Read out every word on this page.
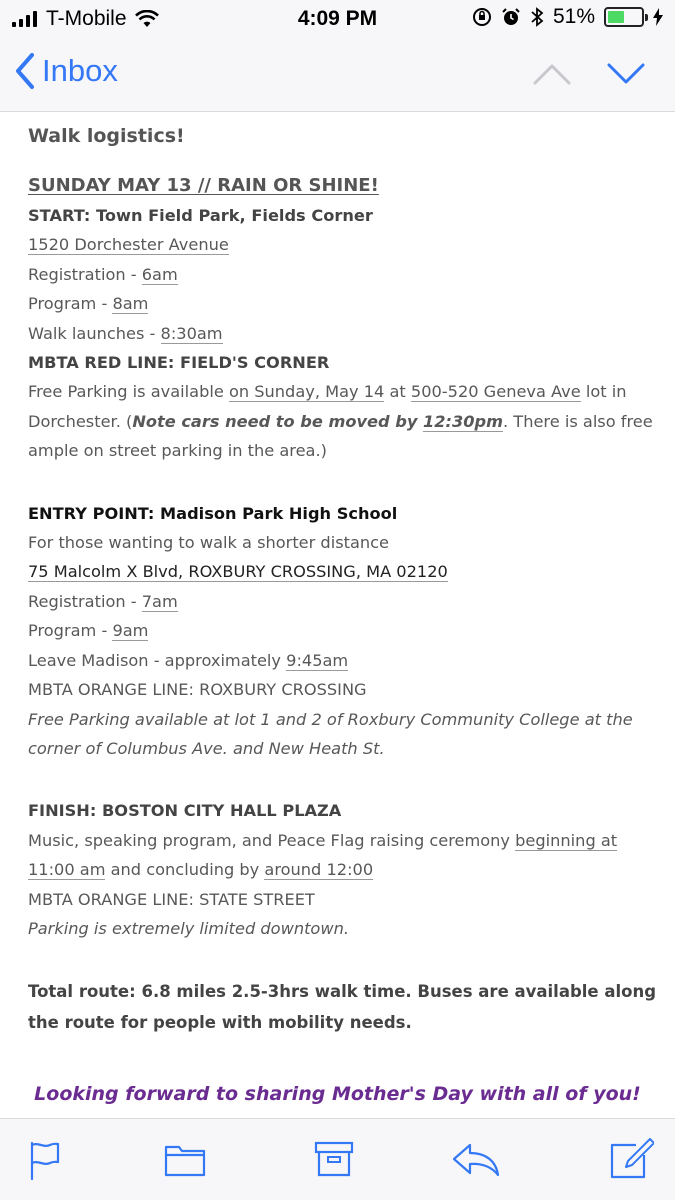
T-Mobile	4:09 PM	51%
Inbox

Walk logistics!

SUNDAY MAY 13 // RAIN OR SHINE!

START: Town Field Park, Fields Corner

1520 Dorchester Avenue

Registration - 6am

Program - 8am

Walk launches - 8:30am

MBTA RED LINE: FIELD'S CORNER

Free Parking is available on Sunday, May 14 at 500-520 Geneva Ave lot in Dorchester. (Note cars need to be moved by 12:30pm. There is also free ample on street parking in the area.)

ENTRY POINT: Madison Park High School

For those wanting to walk a shorter distance

75 Malcolm X Blvd, ROXBURY CROSSING, MA 02120

Registration - 7am

Program - 9am

Leave Madison - approximately 9:45am

MBTA ORANGE LINE: ROXBURY CROSSING

Free Parking available at lot 1 and 2 of Roxbury Community College at the corner of Columbus Ave. and New Heath St.

FINISH: BOSTON CITY HALL PLAZA

Music, speaking program, and Peace Flag raising ceremony beginning at 11:00 am and concluding by around 12:00

MBTA ORANGE LINE: STATE STREET

Parking is extremely limited downtown.

Total route: 6.8 miles 2.5-3hrs walk time. Buses are available along the route for people with mobility needs.

Looking forward to sharing Mother's Day with all of you!
